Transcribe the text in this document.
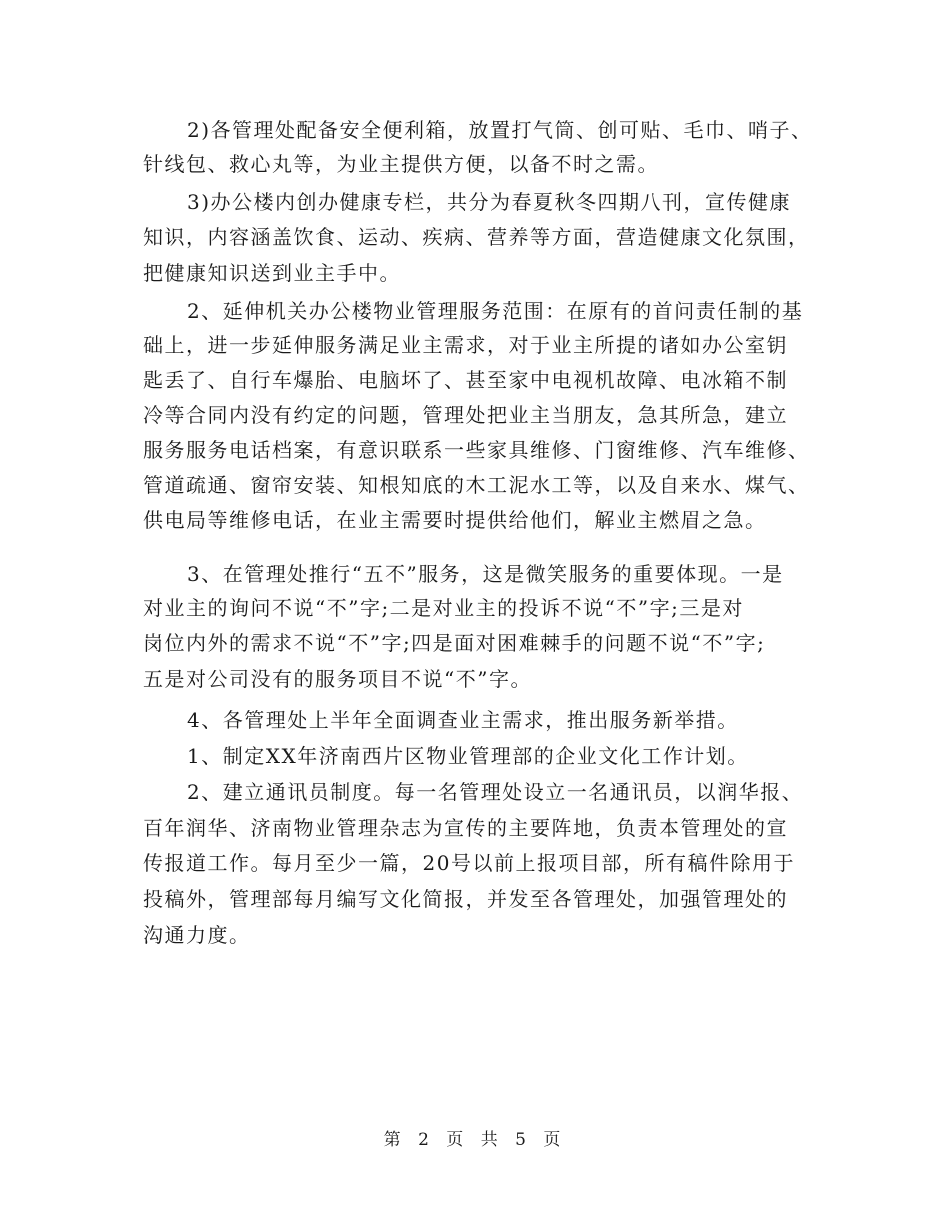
2)各管理处配备安全便利箱，放置打气筒、创可贴、毛巾、哨子、
针线包、救心丸等，为业主提供方便，以备不时之需。
3)办公楼内创办健康专栏，共分为春夏秋冬四期八刊，宣传健康
知识，内容涵盖饮食、运动、疾病、营养等方面，营造健康文化氛围，
把健康知识送到业主手中。
2、延伸机关办公楼物业管理服务范围：在原有的首问责任制的基
础上，进一步延伸服务满足业主需求，对于业主所提的诸如办公室钥
匙丢了、自行车爆胎、电脑坏了、甚至家中电视机故障、电冰箱不制
冷等合同内没有约定的问题，管理处把业主当朋友，急其所急，建立
服务服务电话档案，有意识联系一些家具维修、门窗维修、汽车维修、
管道疏通、窗帘安装、知根知底的木工泥水工等，以及自来水、煤气、
供电局等维修电话，在业主需要时提供给他们，解业主燃眉之急。
3、在管理处推行“五不”服务，这是微笑服务的重要体现。一是
对业主的询问不说“不”字;二是对业主的投诉不说“不”字;三是对
岗位内外的需求不说“不”字;四是面对困难棘手的问题不说“不”字;
五是对公司没有的服务项目不说“不”字。
4、各管理处上半年全面调查业主需求，推出服务新举措。
1、制定XX年济南西片区物业管理部的企业文化工作计划。
2、建立通讯员制度。每一名管理处设立一名通讯员，以润华报、
百年润华、济南物业管理杂志为宣传的主要阵地，负责本管理处的宣
传报道工作。每月至少一篇，20号以前上报项目部，所有稿件除用于
投稿外，管理部每月编写文化简报，并发至各管理处，加强管理处的
沟通力度。
第 2 页 共 5 页
